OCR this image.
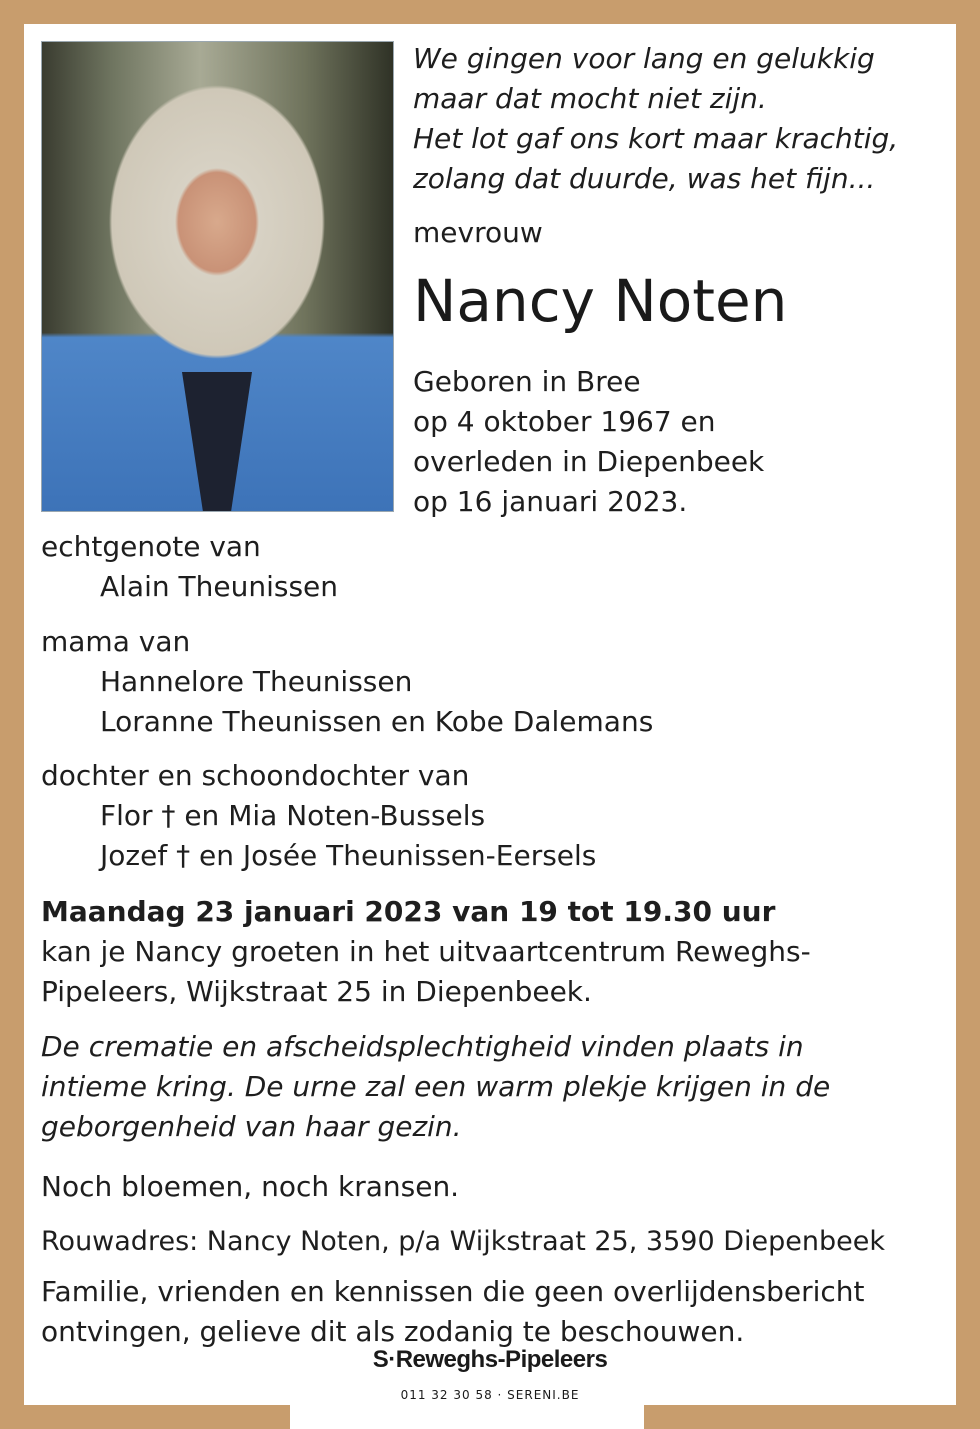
We gingen voor lang en gelukkig
maar dat mocht niet zijn.
Het lot gaf ons kort maar krachtig,
zolang dat duurde, was het fijn...
mevrouw
Nancy Noten
Geboren in Bree
op 4 oktober 1967 en
overleden in Diepenbeek
op 16 januari 2023.
echtgenote van
Alain Theunissen
mama van
Hannelore Theunissen
Loranne Theunissen en Kobe Dalemans
dochter en schoondochter van
Flor † en Mia Noten-Bussels
Jozef † en Josée Theunissen-Eersels
Maandag 23 januari 2023 van 19 tot 19.30 uur
kan je Nancy groeten in het uitvaartcentrum Reweghs-
Pipeleers, Wijkstraat 25 in Diepenbeek.
De crematie en afscheidsplechtigheid vinden plaats in
intieme kring. De urne zal een warm plekje krijgen in de
geborgenheid van haar gezin.
Noch bloemen, noch kransen.
Rouwadres: Nancy Noten, p/a Wijkstraat 25, 3590 Diepenbeek
Familie, vrienden en kennissen die geen overlijdensbericht
ontvingen, gelieve dit als zodanig te beschouwen.
S·Reweghs-Pipeleers
011 32 30 58 · SERENI.BE
